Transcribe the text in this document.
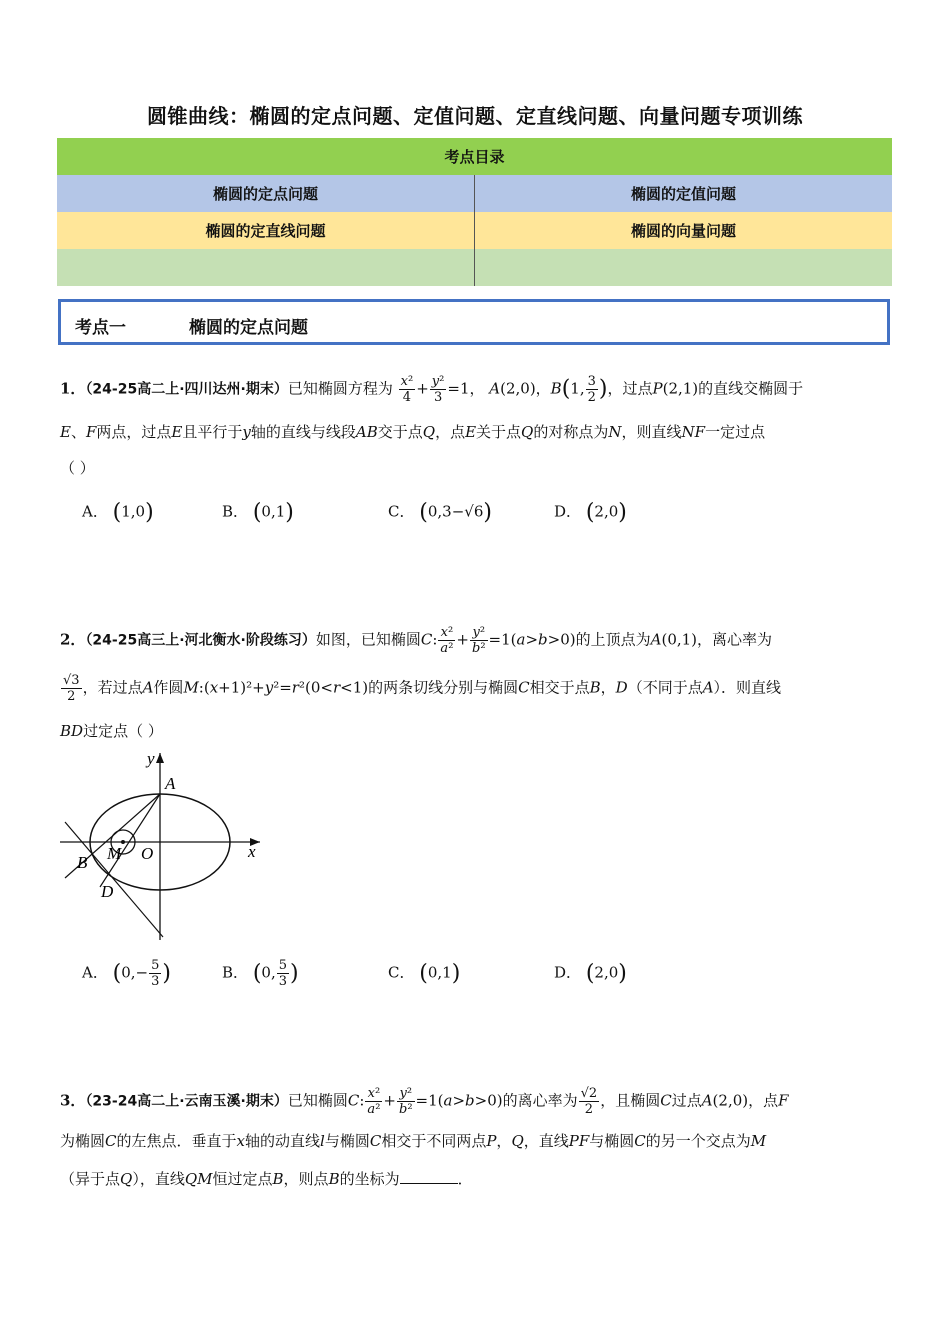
圆锥曲线：椭圆的定点问题、定值问题、定直线问题、向量问题专项训练
考点目录	
椭圆的定点问题	椭圆的定值问题
椭圆的定直线问题	椭圆的向量问题

考点一	椭圆的定点问题
1．（24-25高二上·四川达州·期末）已知椭圆方程为 $\frac{\text{x²}}{4} + \frac{\text{y²}}{3} =1$， A(2,0)，B(1, $\frac{3}{2}$ )，过点P(2,1)的直线交椭圆于
E、F两点，过点E且平行于y轴的直线与线段AB交于点Q，点E关于点Q的对称点为N，则直线NF一定过点
（ ）
A． (1,0)	B． (0,1)	C． (0,3−√6)	D． (2,0)
2．（24-25高三上·河北衡水·阶段练习）如图，已知椭圆C: $\frac{\text{x²}}{\text{a²}} + \frac{\text{y²}}{\text{b²}} =1(a>b>0)$的上顶点为A(0,1)，离心率为
$\frac{√3}{2}$ ，若过点A作圆M:(x+1)²+y²=r²(0<r<1)的两条切线分别与椭圆C相交于点B，D（不同于点A）．则直线
BD过定点（ ）
y
A
M O	x
B
D
A． ($0,- \frac{5}{3}$ )	B． (0, $\frac{5}{3}$ )	C． (0,1)	D． (2,0)
3．（23-24高二上·云南玉溪·期末）已知椭圆C: $\frac{\text{x²}}{\text{a²}} + \frac{\text{y²}}{\text{b²}} =1(a>b>0)$的离心率为 $\frac{√2}{2}$ ，且椭圆C过点A(2,0)，点F
为椭圆C的左焦点．垂直于x轴的动直线l与椭圆C相交于不同两点P，Q，直线PF与椭圆C的另一个交点为M
（异于点Q），直线QM恒过定点B，则点B的坐标为	．
